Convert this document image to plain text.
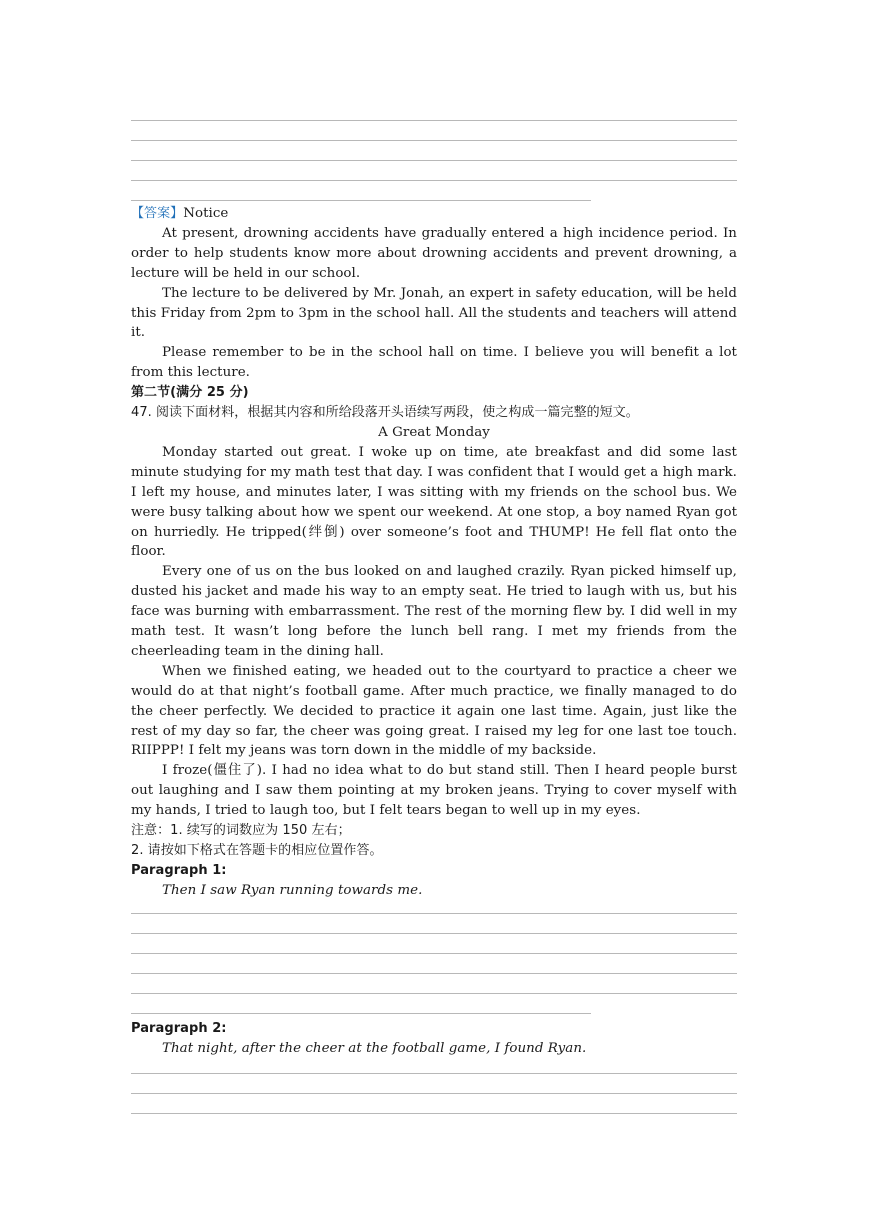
【答案】Notice
At present, drowning accidents have gradually entered a high incidence period. In order to help students know more about drowning accidents and prevent drowning, a lecture will be held in our school.
The lecture to be delivered by Mr. Jonah, an expert in safety education, will be held this Friday from 2pm to 3pm in the school hall. All the students and teachers will attend it.
Please remember to be in the school hall on time. I believe you will benefit a lot from this lecture.
第二节(满分 25 分)
47. 阅读下面材料，根据其内容和所给段落开头语续写两段，使之构成一篇完整的短文。
A Great Monday
Monday started out great. I woke up on time, ate breakfast and did some last minute studying for my math test that day. I was confident that I would get a high mark. I left my house, and minutes later, I was sitting with my friends on the school bus. We were busy talking about how we spent our weekend. At one stop, a boy named Ryan got on hurriedly. He tripped(绊倒) over someone’s foot and THUMP! He fell flat onto the floor.
Every one of us on the bus looked on and laughed crazily. Ryan picked himself up, dusted his jacket and made his way to an empty seat. He tried to laugh with us, but his face was burning with embarrassment. The rest of the morning flew by. I did well in my math test. It wasn’t long before the lunch bell rang. I met my friends from the cheerleading team in the dining hall.
When we finished eating, we headed out to the courtyard to practice a cheer we would do at that night’s football game. After much practice, we finally managed to do the cheer perfectly. We decided to practice it again one last time. Again, just like the rest of my day so far, the cheer was going great. I raised my leg for one last toe touch. RIIPPP! I felt my jeans was torn down in the middle of my backside.
I froze(僵住了). I had no idea what to do but stand still. Then I heard people burst out laughing and I saw them pointing at my broken jeans. Trying to cover myself with my hands, I tried to laugh too, but I felt tears began to well up in my eyes.
注意：1. 续写的词数应为 150 左右；
2. 请按如下格式在答题卡的相应位置作答。
Paragraph 1:
Then I saw Ryan running towards me.
Paragraph 2:
That night, after the cheer at the football game, I found Ryan.
